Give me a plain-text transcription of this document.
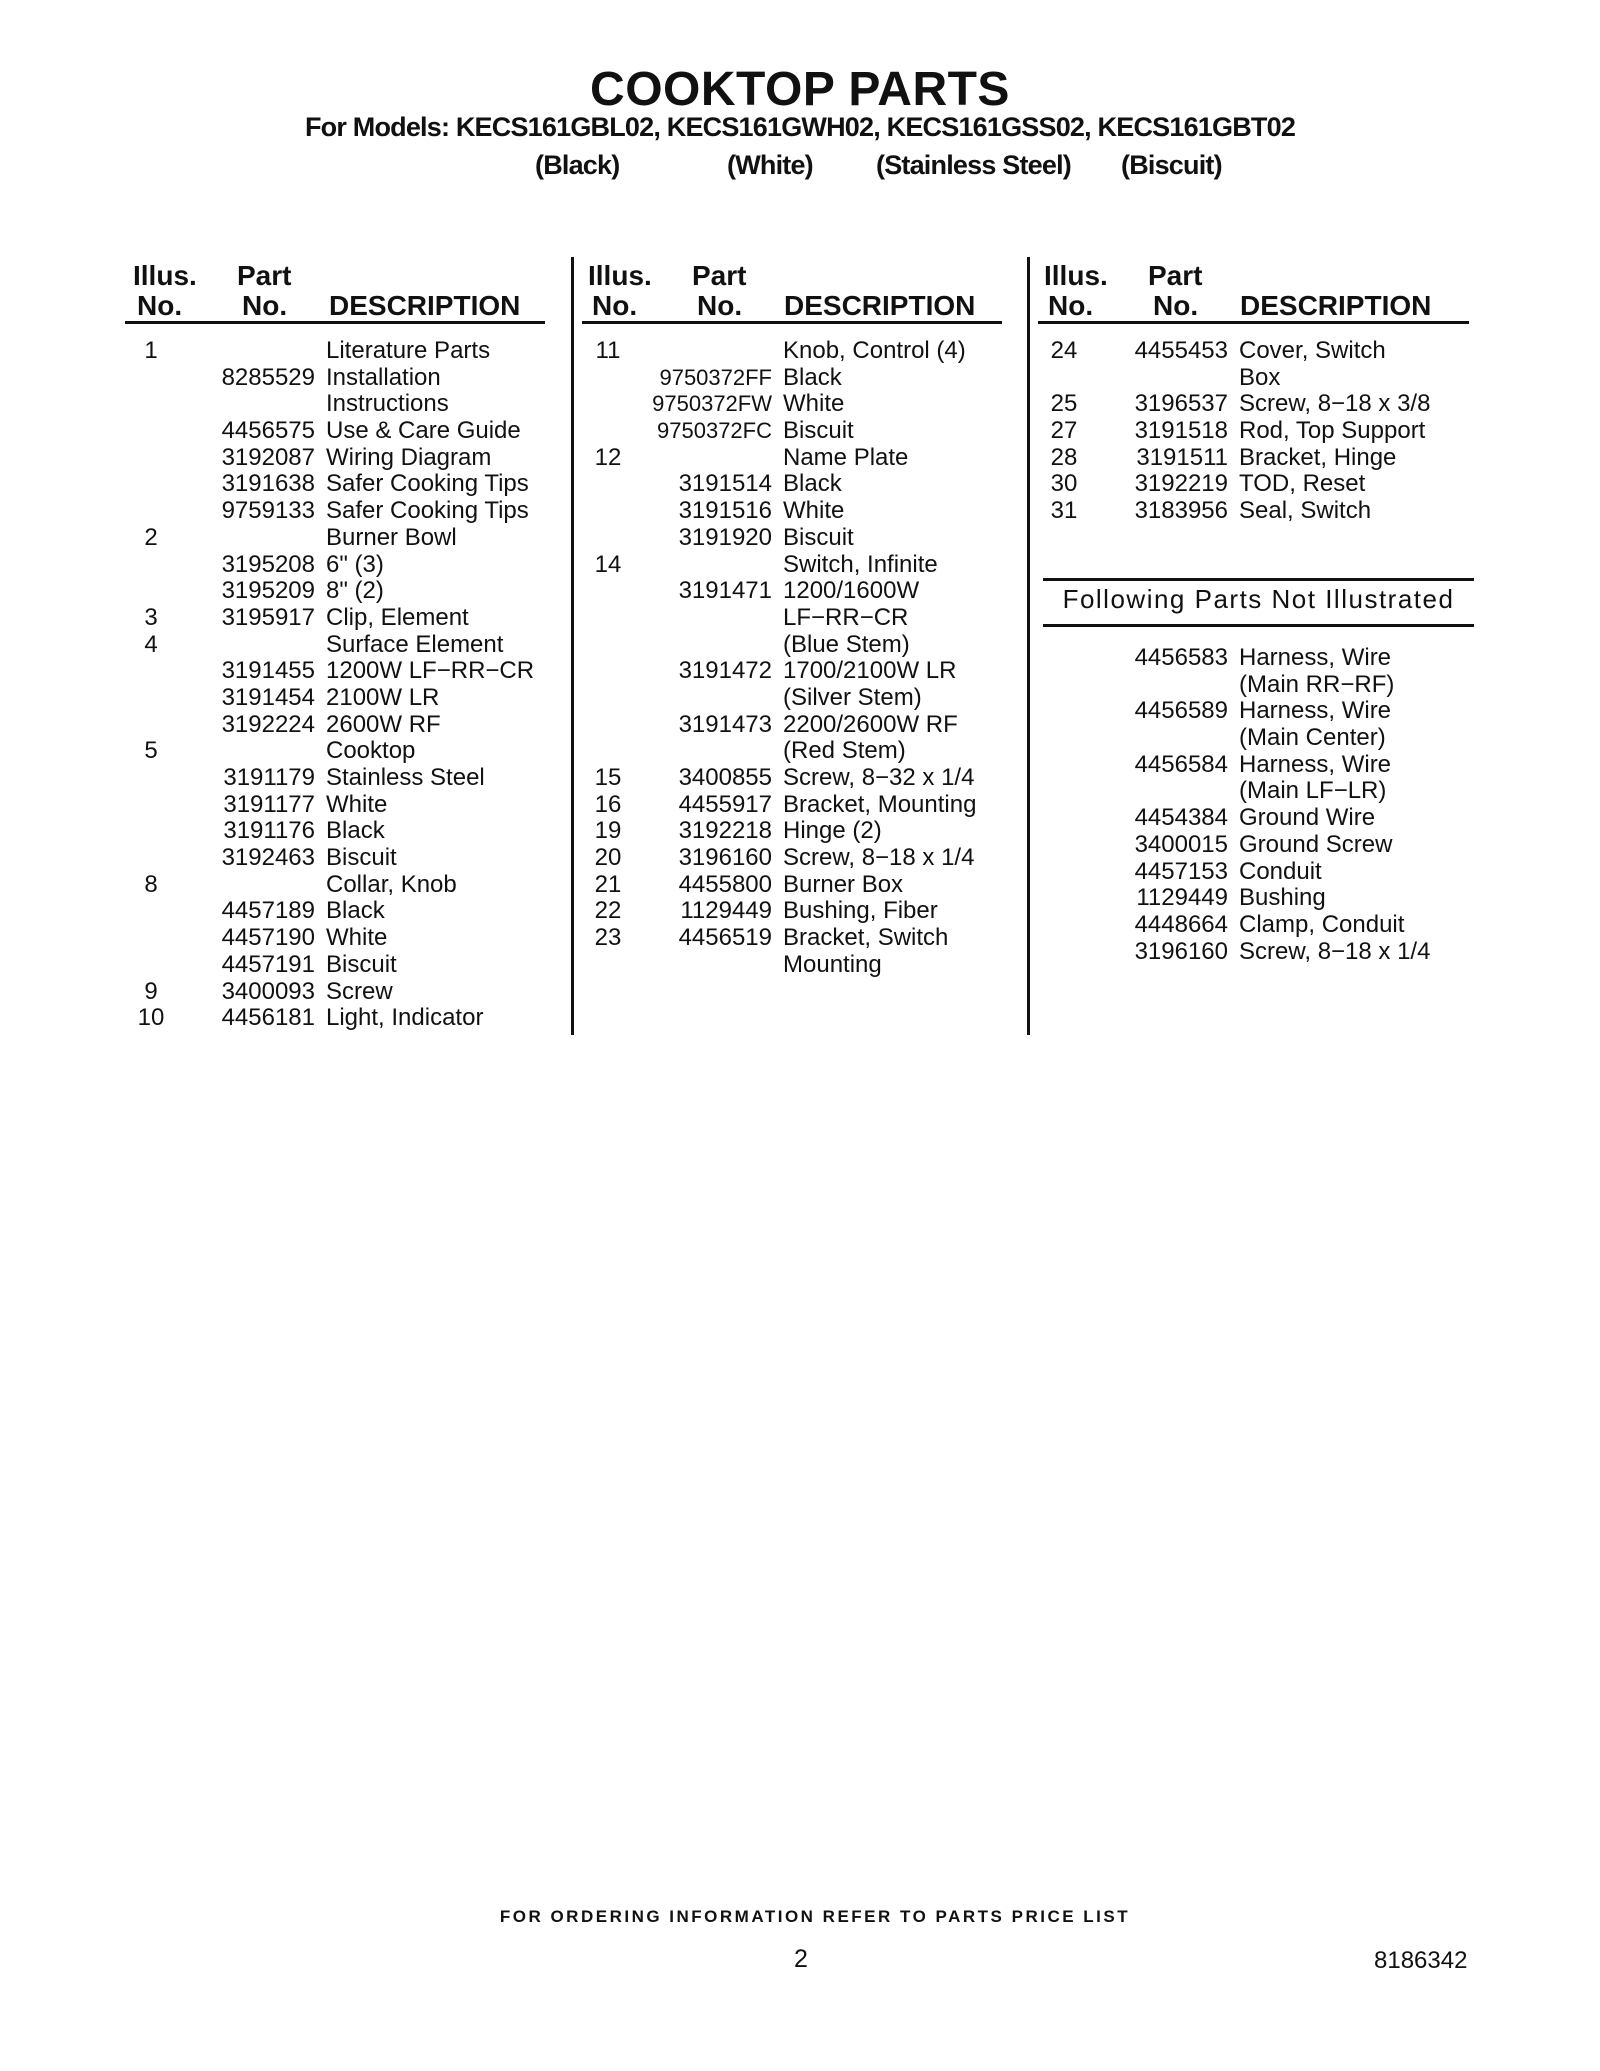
COOKTOP PARTS
For Models: KECS161GBL02, KECS161GWH02, KECS161GSS02, KECS161GBT02
(Black)	(White) (Stainless Steel) (Biscuit)
Illus.
No.
Part
No. DESCRIPTION
1	Literature Parts
8285529 Installation
Instructions
4456575 Use & Care Guide
3192087 Wiring Diagram
3191638 Safer Cooking Tips
9759133 Safer Cooking Tips
2	Burner Bowl
3195208 6" (3)
3195209 8" (2)
3	3195917 Clip, Element
4	Surface Element
3191455 1200W LF−RR−CR
3191454 2100W LR
3192224 2600W RF
5	Cooktop
3191179 Stainless Steel
3191177 White
3191176 Black
3192463 Biscuit
8	Collar, Knob
4457189 Black
4457190 White
4457191 Biscuit
9	3400093 Screw
10	4456181 Light, Indicator
Illus.
No.
Part
No. DESCRIPTION
11	Knob, Control (4)
9750372FF Black
9750372FW White
9750372FC Biscuit
12	Name Plate
3191514 Black
3191516 White
3191920 Biscuit
14	Switch, Infinite
3191471 1200/1600W
LF−RR−CR
(Blue Stem)
3191472 1700/2100W LR
(Silver Stem)
3191473 2200/2600W RF
(Red Stem)
15	3400855 Screw, 8−32 x 1/4
16	4455917 Bracket, Mounting
19	3192218 Hinge (2)
20	3196160 Screw, 8−18 x 1/4
21	4455800 Burner Box
22	1129449 Bushing, Fiber
23	4456519 Bracket, Switch
Mounting
Illus.
No.
Part
No. DESCRIPTION
24	4455453 Cover, Switch
Box
25	3196537 Screw, 8−18 x 3/8
27	3191518 Rod, Top Support
28	3191511 Bracket, Hinge
30	3192219 TOD, Reset
31	3183956 Seal, Switch
Following Parts Not Illustrated
4456583 Harness, Wire
(Main RR−RF)
4456589 Harness, Wire
(Main Center)
4456584 Harness, Wire
(Main LF−LR)
4454384 Ground Wire
3400015 Ground Screw
4457153 Conduit
1129449 Bushing
4448664 Clamp, Conduit
3196160 Screw, 8−18 x 1/4
FOR ORDERING INFORMATION REFER TO PARTS PRICE LIST
2	8186342
